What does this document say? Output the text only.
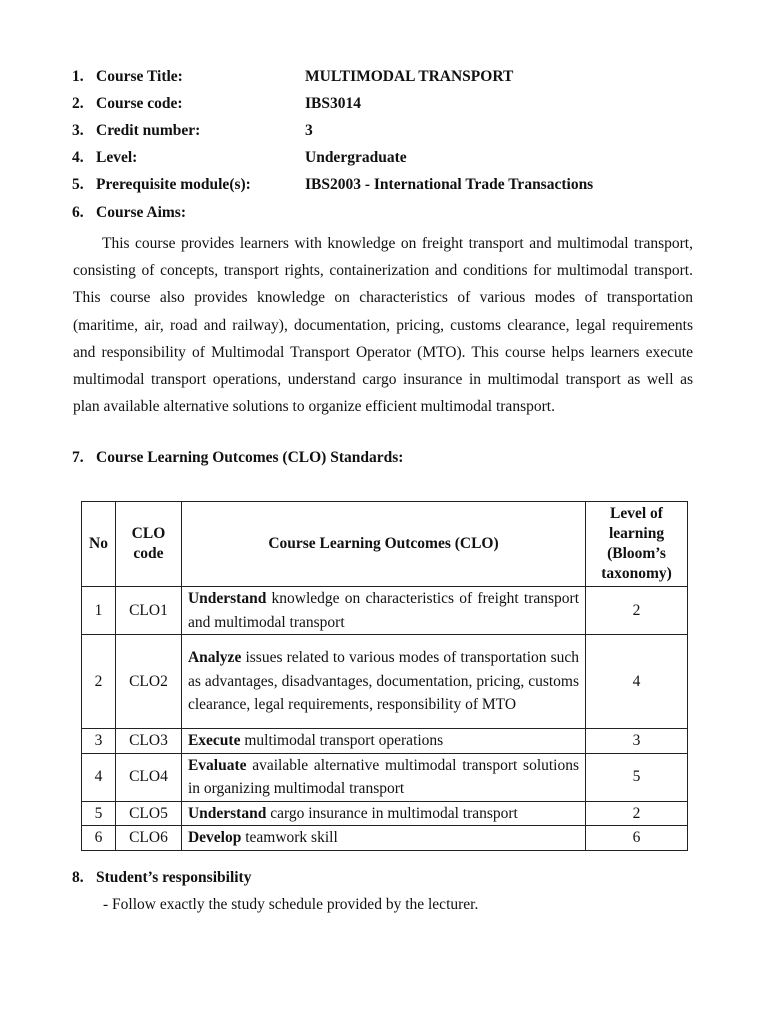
1. Course Title:	MULTIMODAL TRANSPORT
2. Course code:	IBS3014
3. Credit number:	3
4. Level:	Undergraduate
5. Prerequisite module(s):	IBS2003 - International Trade Transactions
6. Course Aims:

This course provides learners with knowledge on freight transport and multimodal transport, consisting of concepts, transport rights, containerization and conditions for multimodal transport. This course also provides knowledge on characteristics of various modes of transportation (maritime, air, road and railway), documentation, pricing, customs clearance, legal requirements and responsibility of Multimodal Transport Operator (MTO). This course helps learners execute multimodal transport operations, understand cargo insurance in multimodal transport as well as plan available alternative solutions to organize efficient multimodal transport.

7. Course Learning Outcomes (CLO) Standards:
No	CLO code	Course Learning Outcomes (CLO)	Level of learning (Bloom’s taxonomy)
1	CLO1	Understand knowledge on characteristics of freight transport and multimodal transport	2
2	CLO2	Analyze issues related to various modes of transportation such as advantages, disadvantages, documentation, pricing, customs clearance, legal requirements, responsibility of MTO	4
3	CLO3	Execute multimodal transport operations	3
4	CLO4	Evaluate available alternative multimodal transport solutions in organizing multimodal transport	5
5	CLO5	Understand cargo insurance in multimodal transport	2
6	CLO6	Develop teamwork skill	6
8. Student’s responsibility
- Follow exactly the study schedule provided by the lecturer.
